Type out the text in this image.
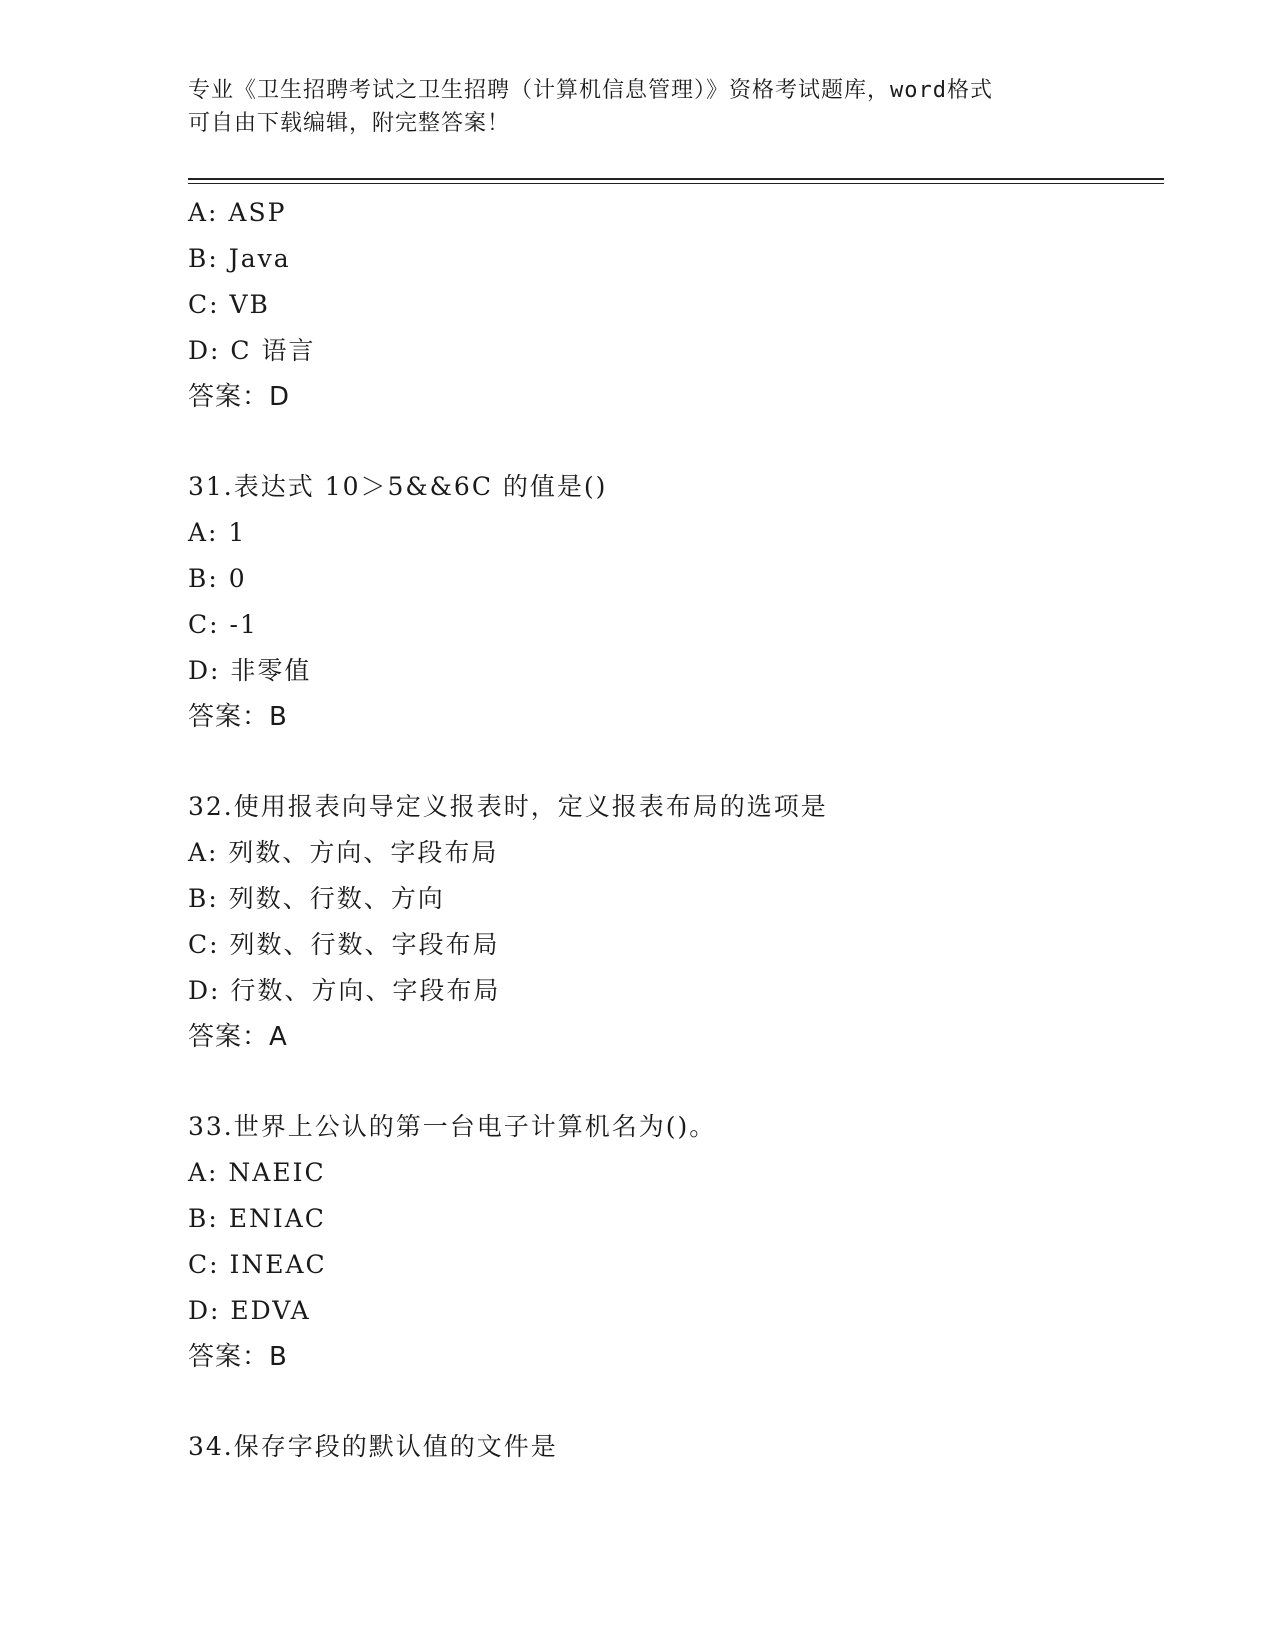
专业《卫生招聘考试之卫生招聘（计算机信息管理）》资格考试题库，word格式
可自由下载编辑，附完整答案！
A: ASP
B: Java
C: VB
D: C 语言
答案：D
31.表达式 10＞5&&6C 的值是()
A: 1
B: 0
C: -1
D: 非零值
答案：B
32.使用报表向导定义报表时，定义报表布局的选项是
A: 列数、方向、字段布局
B: 列数、行数、方向
C: 列数、行数、字段布局
D: 行数、方向、字段布局
答案：A
33.世界上公认的第一台电子计算机名为()。
A: NAEIC
B: ENIAC
C: INEAC
D: EDVA
答案：B
34.保存字段的默认值的文件是
